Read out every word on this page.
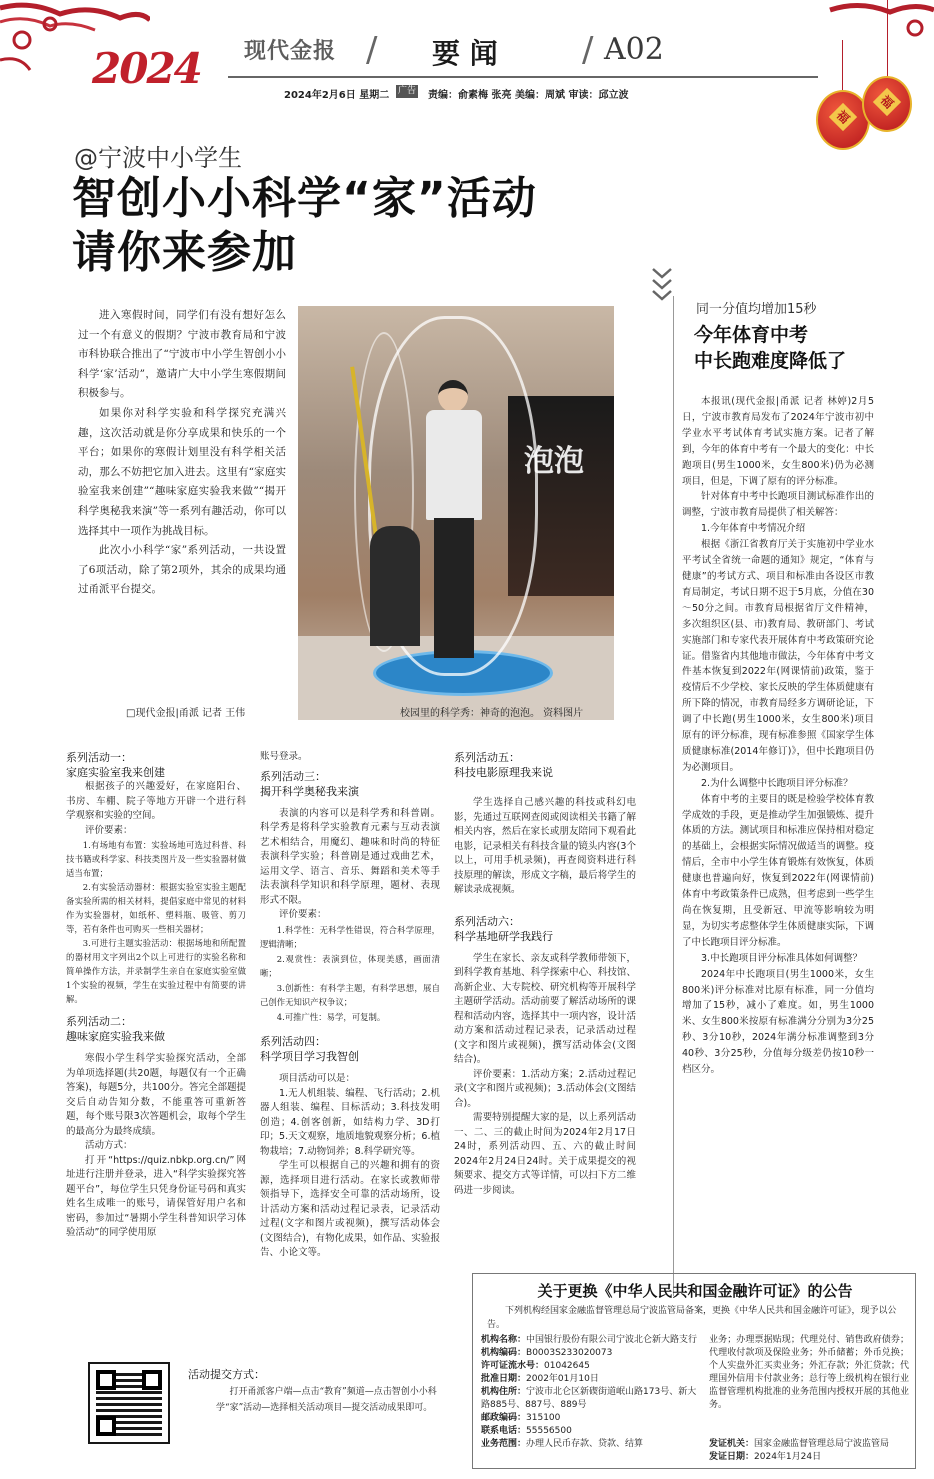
2024 现代金报 / 要 闻 / A02
2024年2月6日 星期二 广告 责编：俞素梅 张亮 美编：周斌 审读：邱立波
福
福
@宁波中小学生
智创小小科学“家”活动
请你来参加

进入寒假时间，同学们有没有想好怎么过一个有意义的假期？宁波市教育局和宁波市科协联合推出了“宁波市中小学生智创小小科学‘家’活动”，邀请广大中小学生寒假期间积极参与。

如果你对科学实验和科学探究充满兴趣，这次活动就是你分享成果和快乐的一个平台；如果你的寒假计划里没有科学相关活动，那么不妨把它加入进去。这里有“家庭实验室我来创建”“趣味家庭实验我来做”“揭开科学奥秘我来演”等一系列有趣活动，你可以选择其中一项作为挑战目标。

此次小小科学“家”系列活动，一共设置了6项活动，除了第2项外，其余的成果均通过甬派平台提交。

□现代金报|甬派 记者 王伟
泡泡
校园里的科学秀：神奇的泡泡。 资料图片
同一分值均增加15秒
今年体育中考
中长跑难度降低了

本报讯(现代金报|甬派 记者 林婷)2月5日，宁波市教育局发布了2024年宁波市初中学业水平考试体育考试实施方案。记者了解到，今年的体育中考有一个最大的变化：中长跑项目(男生1000米，女生800米)仍为必测项目，但是，下调了原有的评分标准。

针对体育中考中长跑项目测试标准作出的调整，宁波市教育局提供了相关解答：

1.今年体育中考情况介绍

根据《浙江省教育厅关于实施初中学业水平考试全省统一命题的通知》规定，“体育与健康”的考试方式、项目和标准由各设区市教育局制定，考试日期不迟于5月底，分值在30～50分之间。市教育局根据省厅文件精神，多次组织区(县、市)教育局、教研部门、考试实施部门和专家代表开展体育中考政策研究论证。借鉴省内其他地市做法，今年体育中考文件基本恢复到2022年(网课情前)政策，鉴于疫情后不少学校、家长反映的学生体质健康有所下降的情况，市教育局经多方调研论证，下调了中长跑(男生1000米，女生800米)项目原有的评分标准，现有标准参照《国家学生体质健康标准(2014年修订)》，但中长跑项目仍为必测项目。

2.为什么调整中长跑项目评分标准？

体育中考的主要目的既是检验学校体育教学成效的手段，更是推动学生加强锻炼、提升体质的方法。测试项目和标准应保持相对稳定的基础上，会根据实际情况做适当的调整。疫情后，全市中小学生体育锻炼有效恢复，体质健康也普遍向好，恢复到2022年(网课情前)体育中考政策条件已成熟，但考虑到一些学生尚在恢复期，且受新冠、甲流等影响较为明显，为切实考虑整体学生体质健康实际，下调了中长跑项目评分标准。

3.中长跑项目评分标准具体如何调整？

2024年中长跑项目(男生1000米，女生800米)评分标准对比原有标准，同一分值均增加了15秒，减小了难度。如，男生1000米、女生800米按原有标准满分分别为3分25秒、3分10秒，2024年满分标准调整到3分40秒、3分25秒，分值每分级差仍按10秒一档区分。

系列活动一：
家庭实验室我来创建

根据孩子的兴趣爱好，在家庭阳台、书房、车棚、院子等地方开辟一个进行科学观察和实验的空间。

评价要素：

1.有场地有布置：实验场地可选过科普、科技书籍或科学家、科技类图片及一些实验器材做适当布置；

2.有实验活动器材：根据实验室实验主题配备实验所需的相关材料，提倡家庭中常见的材料作为实验器材，如纸杯、塑料瓶、吸管、剪刀等，若有条件也可购买一些相关器材；

3.可进行主题实验活动：根据场地和所配置的器材用文字列出2个以上可进行的实验名称和简单操作方法，并录制学生亲自在家庭实验室做1个实验的视频，学生在实验过程中有简要的讲解。

系列活动二：
趣味家庭实验我来做

寒假小学生科学实验探究活动，全部为单项选择题(共20题，每题仅有一个正确答案)，每题5分，共100分。答完全部题提交后自动告知分数，不能重答可重新答题，每个账号限3次答题机会，取每个学生的最高分为最终成绩。

活动方式：

打开“https://quiz.nbkp.org.cn/”网址进行注册并登录，进入“科学实验探究答题平台”，每位学生只凭身份证号码和真实姓名生成唯一的账号，请保管好用户名和密码，参加过“暑期小学生科普知识学习体验活动”的同学使用原

账号登录。

系列活动三：
揭开科学奥秘我来演

表演的内容可以是科学秀和科普剧。科学秀是将科学实验教育元素与互动表演艺术相结合，用魔幻、趣味和时尚的特征表演科学实验；科普剧是通过戏曲艺术，运用文学、语言、音乐、舞蹈和美术等手法表演科学知识和科学原理，题材、表现形式不限。

评价要素：

1.科学性：无科学性错误，符合科学原理，逻辑清晰；

2.观赏性：表演到位，体现美感，画面清晰；

3.创新性：有科学主题，有科学思想，展自己创作无知识产权争议；

4.可推广性：易学，可复制。

系列活动四：
科学项目学习我智创

项目活动可以是：

1.无人机组装、编程、飞行活动；2.机器人组装、编程、目标活动；3.科技发明创造；4.创客创新，如结构力学、3D打印；5.天文观察，地质地貌观察分析；6.植物栽培；7.动物饲养；8.科学研究等。

学生可以根据自己的兴趣和拥有的资源，选择项目进行活动。在家长或教师带领指导下，选择安全可靠的活动场所，设计活动方案和活动过程记录表，记录活动过程(文字和图片或视频)，撰写活动体会(文图结合)，有物化成果，如作品、实验报告、小论文等。

系列活动五：
科技电影原理我来说

学生选择自己感兴趣的科技或科幻电影，先通过互联网查阅或阅读相关书籍了解相关内容，然后在家长或朋友陪同下观看此电影，记录相关有科技含量的镜头内容(3个以上，可用手机录频)，再查阅资料进行科技原理的解读，形成文字稿，最后将学生的解读录成视频。

系列活动六：
科学基地研学我践行

学生在家长、亲友或科学教师带领下，到科学教育基地、科学探索中心、科技馆、高新企业、大专院校、研究机构等开展科学主题研学活动。活动前要了解活动场所的课程和活动内容，选择其中一项内容，设计活动方案和活动过程记录表，记录活动过程(文字和图片或视频)，撰写活动体会(文图结合)。

评价要素：1.活动方案；2.活动过程记录(文字和图片或视频)；3.活动体会(文图结合)。

需要特别提醒大家的是，以上系列活动一、二、三的截止时间为2024年2月17日24时，系列活动四、五、六的截止时间2024年2月24日24时。关于成果提交的视频要求、提交方式等详情，可以扫下方二维码进一步阅读。

活动提交方式：
打开甬派客户端—点击“教育”频道—点击智创小小科学“家”活动—选择相关活动项目—提交活动成果即可。
关于更换《中华人民共和国金融许可证》的公告
下列机构经国家金融监督管理总局宁波监管局备案，更换《中华人民共和国金融许可证》，现予以公告。
机构名称：中国银行股份有限公司宁波北仑新大路支行
机构编码：B0003S233020073
许可证流水号：01042645
批准日期：2002年01月10日
机构住所：宁波市北仑区新碶街道岷山路173号、新大路885号、887号、889号
邮政编码：315100
联系电话：55556500
业务范围：办理人民币存款、贷款、结算
业务；办理票据贴现；代理兑付、销售政府债券；代理收付款项及保险业务；外币储蓄；外币兑换；个人实盘外汇买卖业务；外汇存款；外汇贷款；代理国外信用卡付款业务；总行等上级机构在银行业监督管理机构批准的业务范围内授权开展的其他业务。
发证机关：国家金融监督管理总局宁波监管局
发证日期：2024年1月24日
